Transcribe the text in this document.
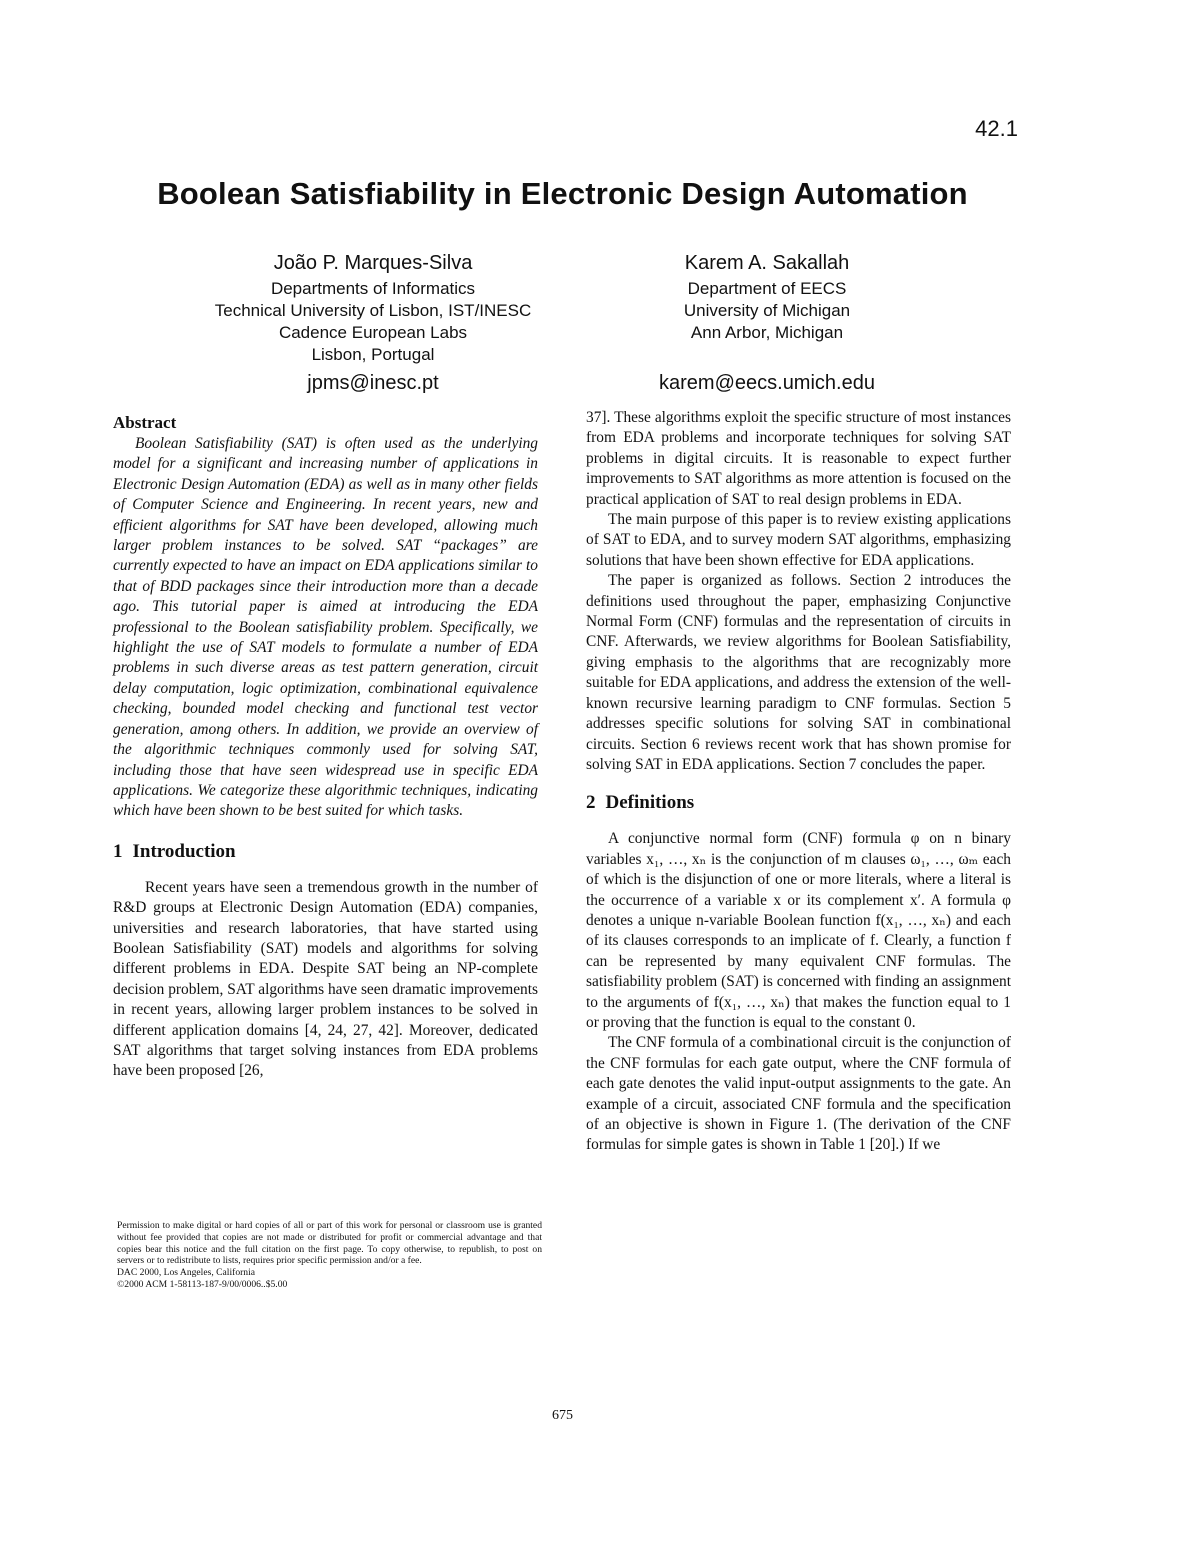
42.1
Boolean Satisfiability in Electronic Design Automation
João P. Marques-Silva
Departments of Informatics
Technical University of Lisbon, IST/INESC
Cadence European Labs
Lisbon, Portugal
jpms@inesc.pt
Karem A. Sakallah
Department of EECS
University of Michigan
Ann Arbor, Michigan
karem@eecs.umich.edu
Abstract

Boolean Satisfiability (SAT) is often used as the underlying model for a significant and increasing number of applications in Electronic Design Automation (EDA) as well as in many other fields of Computer Science and Engineering. In recent years, new and efficient algorithms for SAT have been developed, allowing much larger problem instances to be solved. SAT “packages” are currently expected to have an impact on EDA applications similar to that of BDD packages since their introduction more than a decade ago. This tutorial paper is aimed at introducing the EDA professional to the Boolean satisfiability problem. Specifically, we highlight the use of SAT models to formulate a number of EDA problems in such diverse areas as test pattern generation, circuit delay computation, logic optimization, combinational equivalence checking, bounded model checking and functional test vector generation, among others. In addition, we provide an overview of the algorithmic techniques commonly used for solving SAT, including those that have seen widespread use in specific EDA applications. We categorize these algorithmic techniques, indicating which have been shown to be best suited for which tasks.

1 Introduction

Recent years have seen a tremendous growth in the number of R&D groups at Electronic Design Automation (EDA) companies, universities and research laboratories, that have started using Boolean Satisfiability (SAT) models and algorithms for solving different problems in EDA. Despite SAT being an NP-complete decision problem, SAT algorithms have seen dramatic improvements in recent years, allowing larger problem instances to be solved in different application domains [4, 24, 27, 42]. Moreover, dedicated SAT algorithms that target solving instances from EDA problems have been proposed [26,

37]. These algorithms exploit the specific structure of most instances from EDA problems and incorporate techniques for solving SAT problems in digital circuits. It is reasonable to expect further improvements to SAT algorithms as more attention is focused on the practical application of SAT to real design problems in EDA.

The main purpose of this paper is to review existing applications of SAT to EDA, and to survey modern SAT algorithms, emphasizing solutions that have been shown effective for EDA applications.

The paper is organized as follows. Section 2 introduces the definitions used throughout the paper, emphasizing Conjunctive Normal Form (CNF) formulas and the representation of circuits in CNF. Afterwards, we review algorithms for Boolean Satisfiability, giving emphasis to the algorithms that are recognizably more suitable for EDA applications, and address the extension of the well-known recursive learning paradigm to CNF formulas. Section 5 addresses specific solutions for solving SAT in combinational circuits. Section 6 reviews recent work that has shown promise for solving SAT in EDA applications. Section 7 concludes the paper.

2 Definitions

A conjunctive normal form (CNF) formula φ on n binary variables x₁, …, xₙ is the conjunction of m clauses ω₁, …, ωₘ each of which is the disjunction of one or more literals, where a literal is the occurrence of a variable x or its complement x′. A formula φ denotes a unique n-variable Boolean function f(x₁, …, xₙ) and each of its clauses corresponds to an implicate of f. Clearly, a function f can be represented by many equivalent CNF formulas. The satisfiability problem (SAT) is concerned with finding an assignment to the arguments of f(x₁, …, xₙ) that makes the function equal to 1 or proving that the function is equal to the constant 0.

The CNF formula of a combinational circuit is the conjunction of the CNF formulas for each gate output, where the CNF formula of each gate denotes the valid input-output assignments to the gate. An example of a circuit, associated CNF formula and the specification of an objective is shown in Figure 1. (The derivation of the CNF formulas for simple gates is shown in Table 1 [20].) If we

Permission to make digital or hard copies of all or part of this work for personal or classroom use is granted without fee provided that copies are not made or distributed for profit or commercial advantage and that copies bear this notice and the full citation on the first page. To copy otherwise, to republish, to post on servers or to redistribute to lists, requires prior specific permission and/or a fee.
DAC 2000, Los Angeles, California
©2000 ACM 1-58113-187-9/00/0006..$5.00
675
